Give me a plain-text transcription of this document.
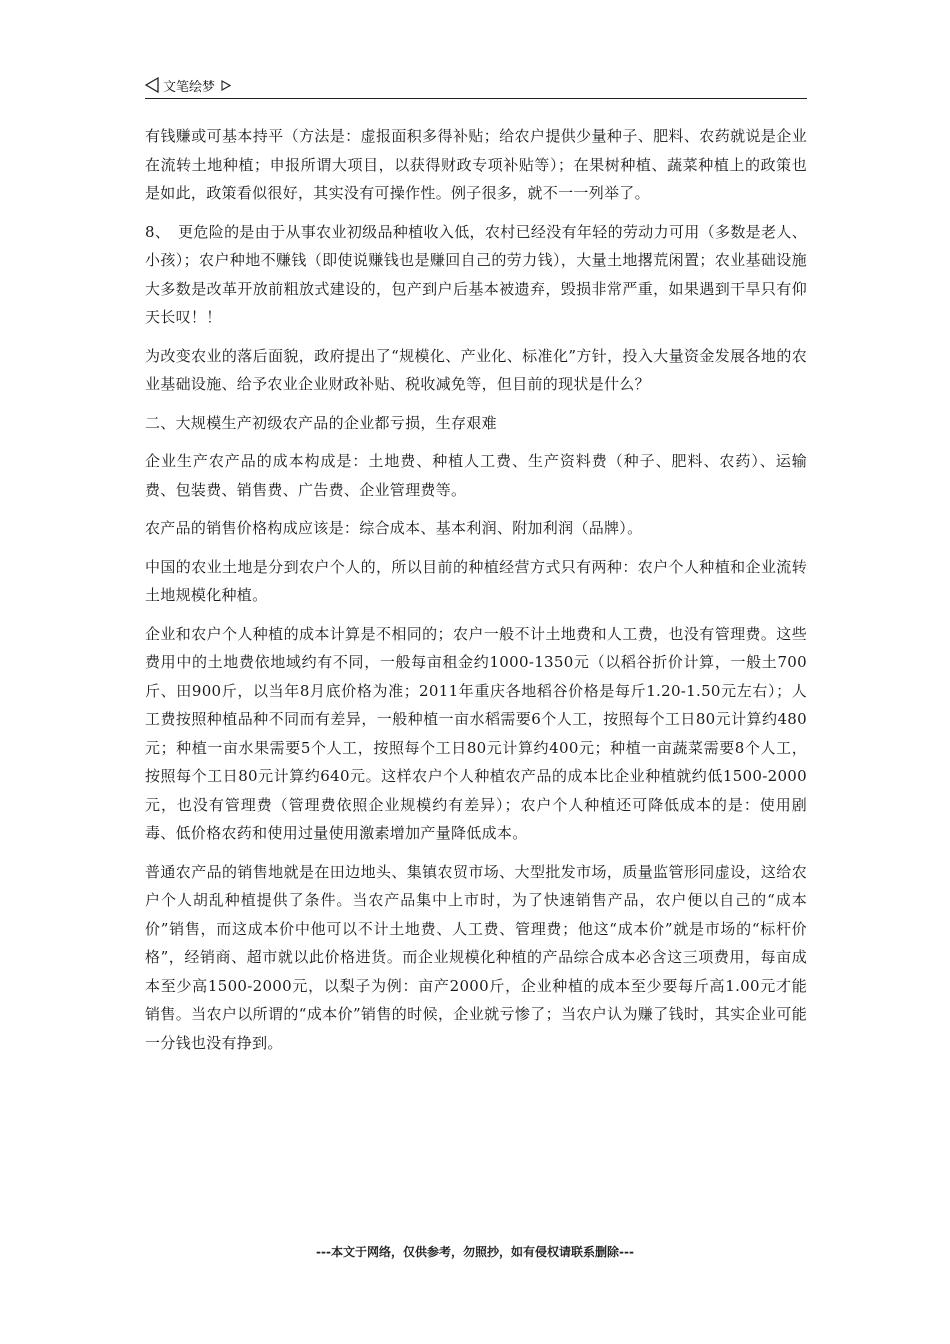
文笔绘梦

有钱赚或可基本持平（方法是：虚报面积多得补贴；给农户提供少量种子、肥料、农药就说是企业在流转土地种植；申报所谓大项目，以获得财政专项补贴等）；在果树种植、蔬菜种植上的政策也是如此，政策看似很好，其实没有可操作性。例子很多，就不一一列举了。

8、　更危险的是由于从事农业初级品种植收入低，农村已经没有年轻的劳动力可用（多数是老人、小孩）；农户种地不赚钱（即使说赚钱也是赚回自己的劳力钱），大量土地撂荒闲置；农业基础设施大多数是改革开放前粗放式建设的，包产到户后基本被遗弃，毁损非常严重，如果遇到干旱只有仰天长叹！！

为改变农业的落后面貌，政府提出了“规模化、产业化、标准化”方针，投入大量资金发展各地的农业基础设施、给予农业企业财政补贴、税收减免等，但目前的现状是什么？

二、大规模生产初级农产品的企业都亏损，生存艰难

企业生产农产品的成本构成是：土地费、种植人工费、生产资料费（种子、肥料、农药）、运输费、包装费、销售费、广告费、企业管理费等。

农产品的销售价格构成应该是：综合成本、基本利润、附加利润（品牌）。

中国的农业土地是分到农户个人的，所以目前的种植经营方式只有两种：农户个人种植和企业流转土地规模化种植。

企业和农户个人种植的成本计算是不相同的；农户一般不计土地费和人工费，也没有管理费。这些费用中的土地费依地域约有不同，一般每亩租金约1000-1350元（以稻谷折价计算，一般土700斤、田900斤，以当年8月底价格为准；2011年重庆各地稻谷价格是每斤1.20-1.50元左右）；人工费按照种植品种不同而有差异，一般种植一亩水稻需要6个人工，按照每个工日80元计算约480元；种植一亩水果需要5个人工，按照每个工日80元计算约400元；种植一亩蔬菜需要8个人工，按照每个工日80元计算约640元。这样农户个人种植农产品的成本比企业种植就约低1500-2000元，也没有管理费（管理费依照企业规模约有差异）；农户个人种植还可降低成本的是：使用剧毒、低价格农药和使用过量使用激素增加产量降低成本。

普通农产品的销售地就是在田边地头、集镇农贸市场、大型批发市场，质量监管形同虚设，这给农户个人胡乱种植提供了条件。当农产品集中上市时，为了快速销售产品，农户便以自己的“成本价”销售，而这成本价中他可以不计土地费、人工费、管理费；他这“成本价”就是市场的“标杆价格”，经销商、超市就以此价格进货。而企业规模化种植的产品综合成本必含这三项费用，每亩成本至少高1500-2000元，以梨子为例：亩产2000斤，企业种植的成本至少要每斤高1.00元才能销售。当农户以所谓的“成本价”销售的时候，企业就亏惨了；当农户认为赚了钱时，其实企业可能一分钱也没有挣到。

---本文于网络，仅供参考，勿照抄，如有侵权请联系删除---
